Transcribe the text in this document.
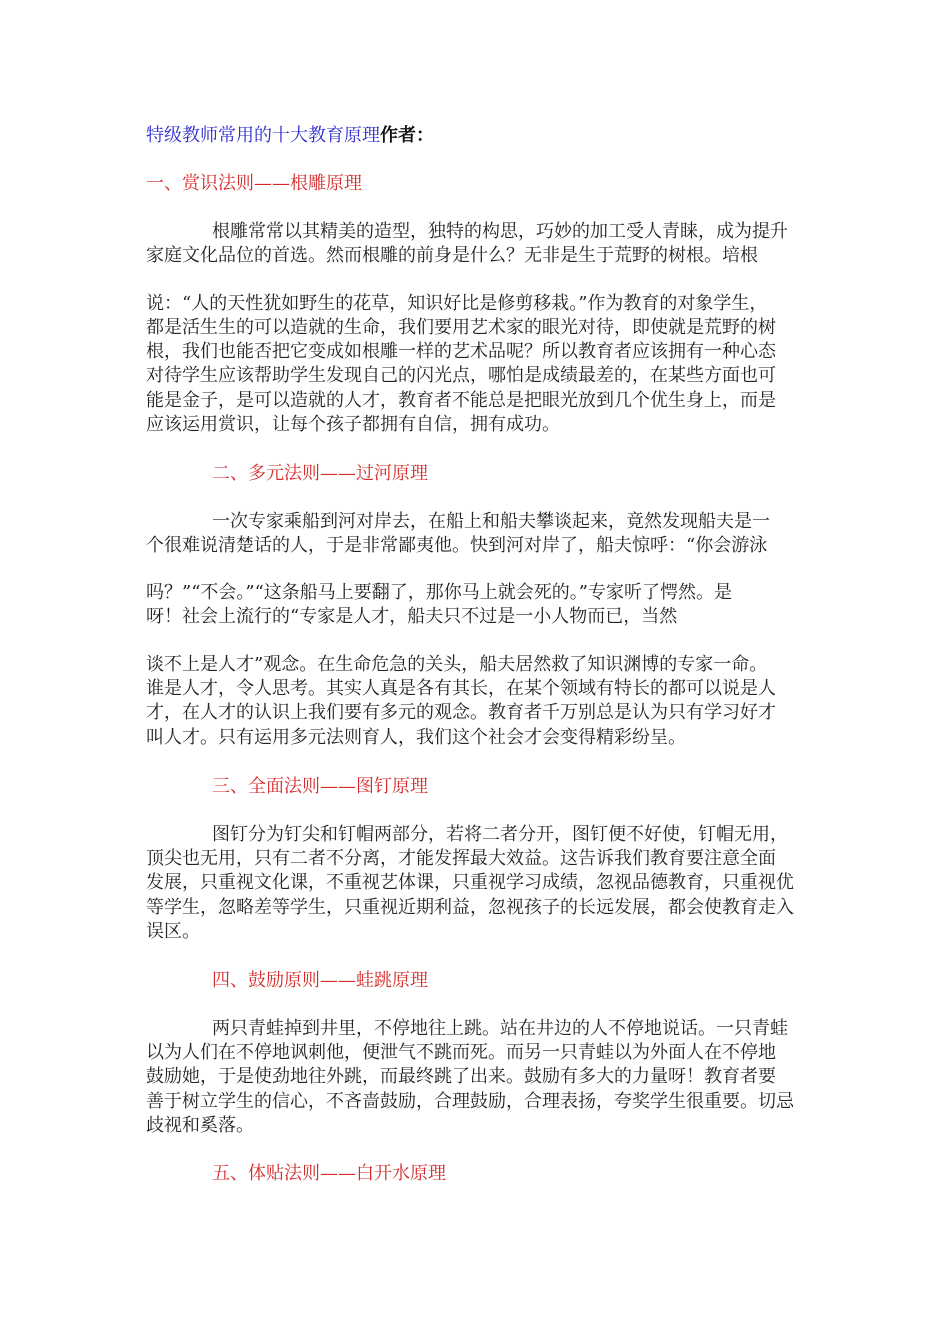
特级教师常用的十大教育原理作者：
一、赏识法则——根雕原理
根雕常常以其精美的造型，独特的构思，巧妙的加工受人青睐，成为提升
家庭文化品位的首选。然而根雕的前身是什么？无非是生于荒野的树根。培根
说：“人的天性犹如野生的花草，知识好比是修剪移栽。”作为教育的对象学生，
都是活生生的可以造就的生命，我们要用艺术家的眼光对待，即使就是荒野的树
根，我们也能否把它变成如根雕一样的艺术品呢？所以教育者应该拥有一种心态
对待学生应该帮助学生发现自己的闪光点，哪怕是成绩最差的，在某些方面也可
能是金子，是可以造就的人才，教育者不能总是把眼光放到几个优生身上，而是
应该运用赏识，让每个孩子都拥有自信，拥有成功。
二、多元法则——过河原理
一次专家乘船到河对岸去，在船上和船夫攀谈起来，竟然发现船夫是一
个很难说清楚话的人，于是非常鄙夷他。快到河对岸了，船夫惊呼：“你会游泳
吗？”“不会。”“这条船马上要翻了，那你马上就会死的。”专家听了愕然。是
呀！社会上流行的“专家是人才，船夫只不过是一小人物而已，当然
谈不上是人才”观念。在生命危急的关头，船夫居然救了知识渊博的专家一命。
谁是人才，令人思考。其实人真是各有其长，在某个领域有特长的都可以说是人
才，在人才的认识上我们要有多元的观念。教育者千万别总是认为只有学习好才
叫人才。只有运用多元法则育人，我们这个社会才会变得精彩纷呈。
三、全面法则——图钉原理
图钉分为钉尖和钉帽两部分，若将二者分开，图钉便不好使，钉帽无用，
顶尖也无用，只有二者不分离，才能发挥最大效益。这告诉我们教育要注意全面
发展，只重视文化课，不重视艺体课，只重视学习成绩，忽视品德教育，只重视优
等学生，忽略差等学生，只重视近期利益，忽视孩子的长远发展，都会使教育走入
误区。
四、鼓励原则——蛙跳原理
两只青蛙掉到井里，不停地往上跳。站在井边的人不停地说话。一只青蛙
以为人们在不停地讽刺他，便泄气不跳而死。而另一只青蛙以为外面人在不停地
鼓励她，于是使劲地往外跳，而最终跳了出来。鼓励有多大的力量呀！教育者要
善于树立学生的信心，不吝啬鼓励，合理鼓励，合理表扬，夸奖学生很重要。切忌
歧视和奚落。
五、体贴法则——白开水原理
